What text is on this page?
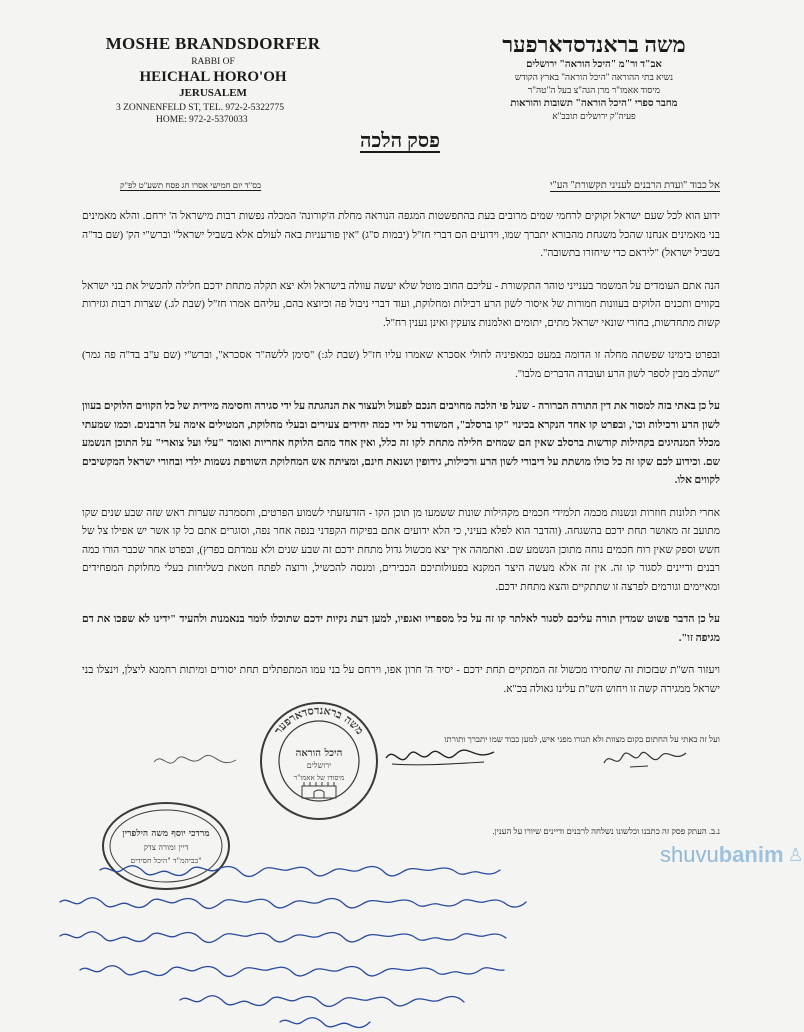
MOSHE BRANDSDORFER
RABBI OF
HEICHAL HORO'OH
JERUSALEM
3 ZONNENFELD ST, TEL. 972-2-5322775
HOME: 972-2-5370033
משה בראנדסדארפער
אב"ד ור"מ "היכל הוראה" ירושלים
נשיא בתי ההוראה "היכל הוראה" בארץ הקודש
מיסוד אאמו"ר מרן הגה"צ בעל ה"טה"ר
מחבר ספרי "היכל הוראה" תשובות והוראות
פעיה"ק ירושלים תובב"א
פסק הלכה
אל כבוד "ועדת הרבנים לעניני תקשורת" הע"י
בס"ד יום חמישי אסרו חג פסח תשע"ט לפ"ק

ידוע הוא לכל שעם ישראל זקוקים לרחמי שמים מרובים בעת בהתפשטות המגפה הנוראה מחלת ה'קורונה' המכלה נפשות רבות מישראל ה' ירחם. והלא מאמינים בני מאמינים אנחנו שהכל משגחת מהבורא יתברך שמו, וידועים הם דברי חז"ל (יבמות ס"ג) "אין פורעניות באה לעולם אלא בשביל ישראל" וברש"י הק' (שם בד"ה בשביל ישראל) "ליראם כדי שיחזרו בתשובה".

הנה אתם העומדים על המשמר בענייני טוהר התקשורת - עליכם החוב מוטל שלא יעשה עוולה בישראל ולא יצא תקלה מתחת ידכם חלילה להכשיל את בני ישראל בקווים ותכנים הלוקים בעוונות חמורות של איסור לשון הרע רכילות ומחלוקת, ועוד דברי ניבול פה וכיוצא בהם, עליהם אמרו חז"ל (שבת לג.) שצרות רבות וגזירות קשות מתחדשות, בחורי שונאי ישראל מתים, יתומים ואלמנות צועקין ואינן נענין רח"ל.

ובפרט בימינו שפשתה מחלה זו הדומה במעט כמאפיניה לחולי אסכרא שאמרו עליו חז"ל (שבת לג:) "סימן ללשה"ר אסכרא", וברש"י (שם ע"ב בד"ה פה גמר) "שהלב מבין לספר לשון הרע ועובדה הדברים מלבו".

על כן באתי בזה למסור את דין התורה הברורה - שעל פי הלכה מחויבים הנכם לפעול ולעצור את הנהגתה על ידי סגירה וחסימה מיידית של כל הקווים הלוקים בעוון לשון הרע ורכילות וכו', ובפרט קו אחד הנקרא בכינוי "קו ברסלב", המשודר על ידי כמה יחידים צעירים ובעלי מחלוקת, המטילים אימה על הרבנים. וכמו שמעתי מכלל המנהיגים בקהילות קודשות ברסלב שאין הם שמחים חלילה מתחת לקו זה כלל, ואין אחד מהם הלוקח אחריות ואומר "עלי ועל צוארי" על התוכן הנשמע שם. וכידוע לכם שקו זה כל כולו מושתת על דיבורי לשון הרע ורכילות, גידופין ושנאת חינם, ומציתה אש המחלוקת השורפת נשמות ילדי ובחורי ישראל המקשיבים לקווים אלו.

אחרי תלונות חוזרות ונשנות מכמה תלמידי חכמים מקהילות שונות ששמעו מן תוכן הקו - הזדעזעתי לשמוע הפרטים, ותסמרנה שערות ראש שזה שבע שנים שקו מתועב זה מאושר תחת ידכם בהשגחה. (והדבר הוא לפלא בעיני, כי הלא ידועים אתם בפיקוח הקפדני בנפה אחר נפה, וסוגרים אתם כל קו אשר יש אפילו צל של חשש וספק שאין רוח חכמים נוחה מתוכן הנשמע שם. ואתמהה איך יצא מכשול גדול מתחת ידכם זה שבע שנים ולא עמדתם בפרץ), ובפרט אחר שכבר הורו כמה רבנים ודיינים לסגור קו זה. אין זה אלא מעשה היצר המקנא בפעולותיכם הכבירים, ומנסה להכשיל, ורוצה לפתח חטאת בשליחות בעלי מחלוקת המפחידים ומאיימים וגורמים לפרצה זו שתתקיים והצא מתחת ידכם.

על כן הדבר פשוט שמדין תורה עליכם לסגור לאלתר קו זה על כל מספריו ואגפיו, למען דעת נקיות ידכם שתוכלו לומר בנאמנות ולהעיד "ידינו לא שפכו את דם מגיפה זו".

ויעזור הש"ת שבזכות זה שתסירו מכשול זה המתקיים תחת ידכם - יסיר ה' חרון אפו, וירחם על בני עמו המתפתלים תחת יסורים ומיתות רחמנא ליצלן, וינצלו בני ישראל ממגירה קשה זו ויחוש הש"ת עלינו גאולה בכ"א.

ועל זה באתי על החתום בקום מצוות ולא תגורו מפני איש, למען כבוד שמו יתברך ותורתו
משה בראנדסדארפער
היכל הוראה
ירושלים
מיסודו של אאמו"ר
מרדכי יוסף משה הילפרין
דיין ומורה צדק
בביהמ"ד "היכל חסידים"
נ.ב. העתק פסק זה כתבנו וכלשונו נשלחה לרבנים ודיינים שיורו על הענין.
shuvu banim ♙
